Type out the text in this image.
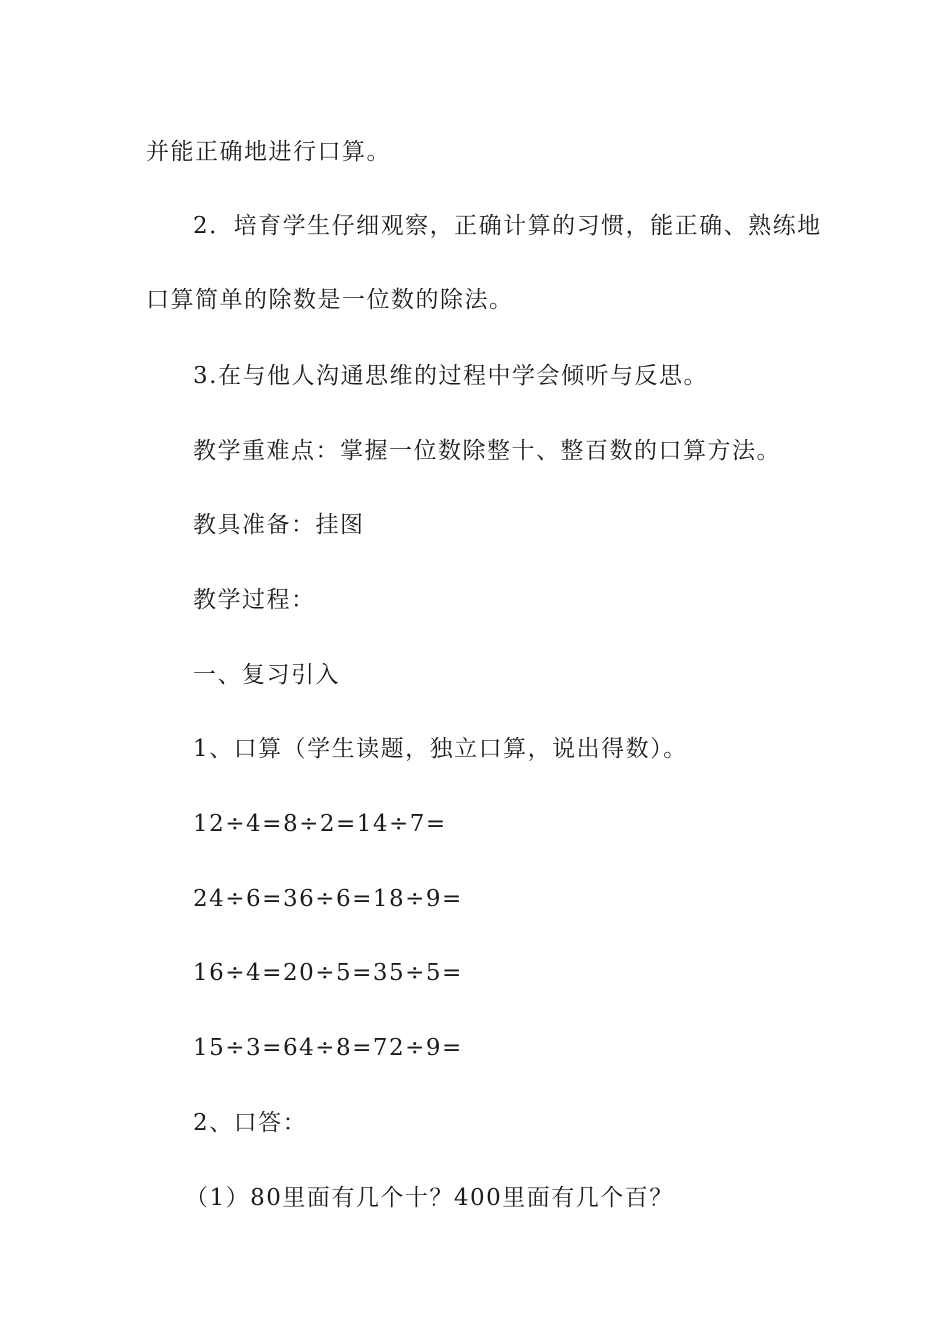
并能正确地进行口算。
2．培育学生仔细观察，正确计算的习惯，能正确、熟练地
口算简单的除数是一位数的除法。
3.在与他人沟通思维的过程中学会倾听与反思。
教学重难点：掌握一位数除整十、整百数的口算方法。
教具准备：挂图
教学过程：
一、复习引入
1、口算（学生读题，独立口算，说出得数）。
12÷4=8÷2=14÷7=
24÷6=36÷6=18÷9=
16÷4=20÷5=35÷5=
15÷3=64÷8=72÷9=
2、口答：
（1）80里面有几个十？400里面有几个百？
